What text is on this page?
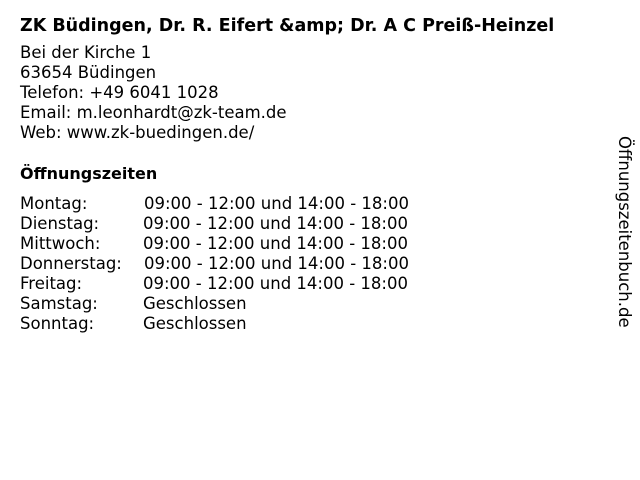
ZK Büdingen, Dr. R. Eifert &amp; Dr. A C Preiß-Heinzel
Bei der Kirche 1
63654 Büdingen
Telefon: +49 6041 1028
Email: m.leonhardt@zk-team.de
Web: www.zk-buedingen.de/
Öffnungszeiten
Montag:	09:00 - 12:00 und 14:00 - 18:00
Dienstag:	09:00 - 12:00 und 14:00 - 18:00
Mittwoch:	09:00 - 12:00 und 14:00 - 18:00
Donnerstag: 09:00 - 12:00 und 14:00 - 18:00
Freitag:	09:00 - 12:00 und 14:00 - 18:00
Samstag:	Geschlossen
Sonntag:	Geschlossen	Öffnungszeitenbuch.de
